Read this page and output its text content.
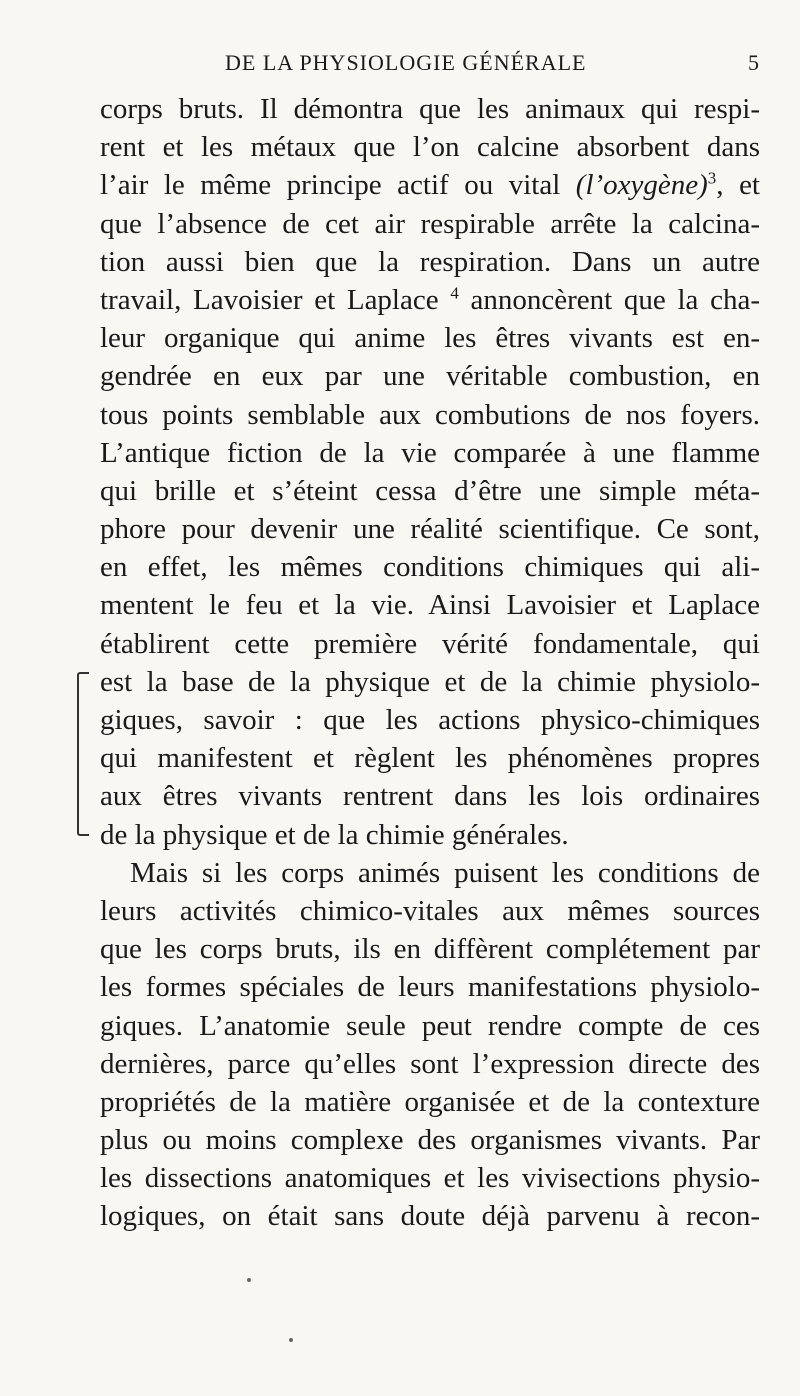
DE LA PHYSIOLOGIE GÉNÉRALE	5
corps bruts. Il démontra que les animaux qui respi-
rent et les métaux que l’on calcine absorbent dans
l’air le même principe actif ou vital (l’oxygène)$^3$, et
que l’absence de cet air respirable arrête la calcina-
tion aussi bien que la respiration. Dans un autre
travail, Lavoisier et Laplace $^4$ annoncèrent que la cha-
leur organique qui anime les êtres vivants est en-
gendrée en eux par une véritable combustion, en
tous points semblable aux combutions de nos foyers.
L’antique fiction de la vie comparée à une flamme
qui brille et s’éteint cessa d’être une simple méta-
phore pour devenir une réalité scientifique. Ce sont,
en effet, les mêmes conditions chimiques qui ali-
mentent le feu et la vie. Ainsi Lavoisier et Laplace
établirent cette première vérité fondamentale, qui
est la base de la physique et de la chimie physiolo-
giques, savoir : que les actions physico-chimiques
qui manifestent et règlent les phénomènes propres
aux êtres vivants rentrent dans les lois ordinaires
de la physique et de la chimie générales.
Mais si les corps animés puisent les conditions de
leurs activités chimico-vitales aux mêmes sources
que les corps bruts, ils en diffèrent complétement par
les formes spéciales de leurs manifestations physiolo-
giques. L’anatomie seule peut rendre compte de ces
dernières, parce qu’elles sont l’expression directe des
propriétés de la matière organisée et de la contexture
plus ou moins complexe des organismes vivants. Par
les dissections anatomiques et les vivisections physio-
logiques, on était sans doute déjà parvenu à recon-
